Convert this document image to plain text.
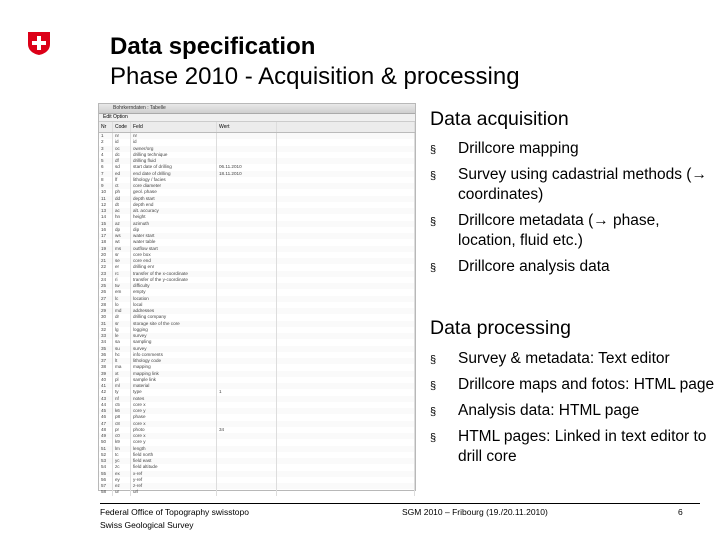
Data specification
Phase 2010 - Acquisition & processing
Bohrkerndaten : Tabelle
Edit Option
Nr	Code	Feld	Wert
1	nr	nr
2	id	id
3	oc	owner/org
4	dc	drilling technique
5	df	drilling fluid
6	sd	start date of drilling	06.11.2010
7	ed	end date of drilling	18.11.2010
8	lf	lithology / facies
9	ct	core diameter
10	ph	geol. phase
11	dd	depth start
12	dt	depth end
13	ac	alt. accuracy
14	hn	height
15	az	azimuth
16	dp	dip
17	ws	water start
18	wt	water table
19	ms	outflow start
20	sr	core box
21	se	core end
22	er	drilling enr
23	rc	transfer of the x-coordinate
24	ri	transfer of the y-coordinate
25	tw	difficulty
26	em	empty
27	lc	location
28	lo	local
29	md	addresses
30	dr	drilling company
31	sr	storage site of the core
32	lg	logging
33	le	survey
34	sa	sampling
35	su	survey
36	hc	info comments
37	lt	lithology code
38	ma	mapping
39	xt	mapping link
40	pl	sample link
41	ml	material
42	ty	type	1
43	nf	notes
44	c5	core x
45	k6	core y
46	p8	phase
47	c8	core x
48	pr	photo	34
49	c0	core x
50	k9	core y
51	lm	length
52	tc	field north
53	yc	field east
54	zc	field altitude
55	ex	x-ref
56	ey	y-ref
57	ez	z-ref
58	ur	url
Data acquisition
§ Drillcore mapping
§ Survey using cadastrial methods (→ coordinates)
§ Drillcore metadata (→ phase, location, fluid etc.)
§ Drillcore analysis data
Data processing
§ Survey & metadata: Text editor
§ Drillcore maps and fotos: HTML page
§ Analysis data: HTML page
§ HTML pages: Linked in text editor to drill core
Federal Office of Topography swisstopo
Swiss Geological Survey
SGM 2010 – Fribourg (19./20.11.2010)	6
